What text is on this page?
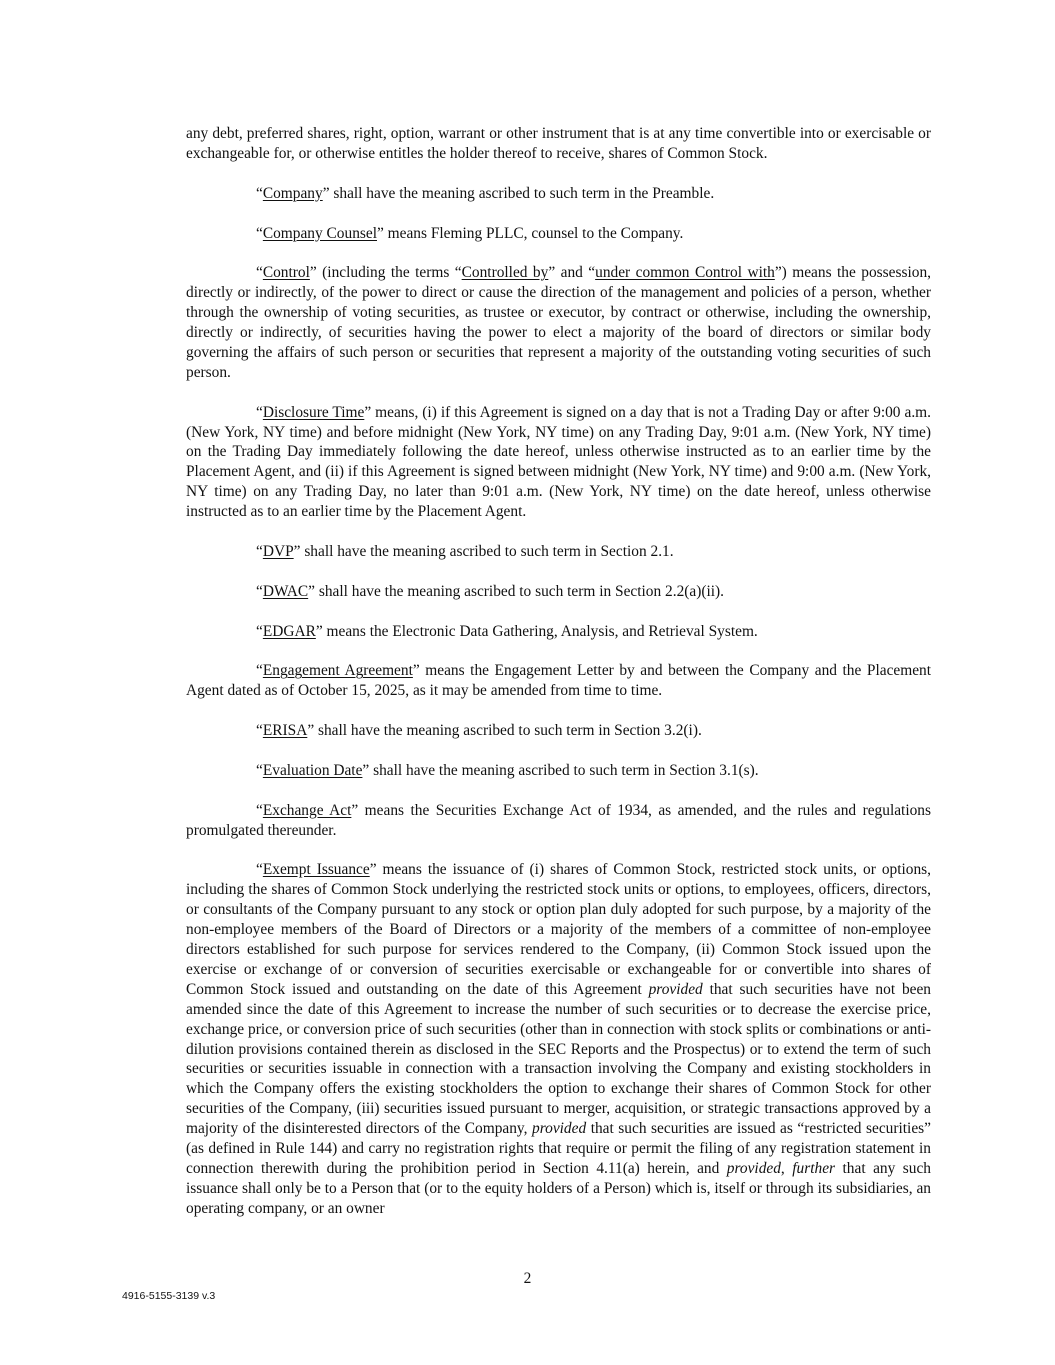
any debt, preferred shares, right, option, warrant or other instrument that is at any time convertible into or exercisable or exchangeable for, or otherwise entitles the holder thereof to receive, shares of Common Stock.

“Company” shall have the meaning ascribed to such term in the Preamble.

“Company Counsel” means Fleming PLLC, counsel to the Company.

“Control” (including the terms “Controlled by” and “under common Control with”) means the possession, directly or indirectly, of the power to direct or cause the direction of the management and policies of a person, whether through the ownership of voting securities, as trustee or executor, by contract or otherwise, including the ownership, directly or indirectly, of securities having the power to elect a majority of the board of directors or similar body governing the affairs of such person or securities that represent a majority of the outstanding voting securities of such person.

“Disclosure Time” means, (i) if this Agreement is signed on a day that is not a Trading Day or after 9:00 a.m. (New York, NY time) and before midnight (New York, NY time) on any Trading Day, 9:01 a.m. (New York, NY time) on the Trading Day immediately following the date hereof, unless otherwise instructed as to an earlier time by the Placement Agent, and (ii) if this Agreement is signed between midnight (New York, NY time) and 9:00 a.m. (New York, NY time) on any Trading Day, no later than 9:01 a.m. (New York, NY time) on the date hereof, unless otherwise instructed as to an earlier time by the Placement Agent.

“DVP” shall have the meaning ascribed to such term in Section 2.1.

“DWAC” shall have the meaning ascribed to such term in Section 2.2(a)(ii).

“EDGAR” means the Electronic Data Gathering, Analysis, and Retrieval System.

“Engagement Agreement” means the Engagement Letter by and between the Company and the Placement Agent dated as of October 15, 2025, as it may be amended from time to time.

“ERISA” shall have the meaning ascribed to such term in Section 3.2(i).

“Evaluation Date” shall have the meaning ascribed to such term in Section 3.1(s).

“Exchange Act” means the Securities Exchange Act of 1934, as amended, and the rules and regulations promulgated thereunder.

“Exempt Issuance” means the issuance of (i) shares of Common Stock, restricted stock units, or options, including the shares of Common Stock underlying the restricted stock units or options, to employees, officers, directors, or consultants of the Company pursuant to any stock or option plan duly adopted for such purpose, by a majority of the non-employee members of the Board of Directors or a majority of the members of a committee of non-employee directors established for such purpose for services rendered to the Company, (ii) Common Stock issued upon the exercise or exchange of or conversion of securities exercisable or exchangeable for or convertible into shares of Common Stock issued and outstanding on the date of this Agreement provided that such securities have not been amended since the date of this Agreement to increase the number of such securities or to decrease the exercise price, exchange price, or conversion price of such securities (other than in connection with stock splits or combinations or anti-dilution provisions contained therein as disclosed in the SEC Reports and the Prospectus) or to extend the term of such securities or securities issuable in connection with a transaction involving the Company and existing stockholders in which the Company offers the existing stockholders the option to exchange their shares of Common Stock for other securities of the Company, (iii) securities issued pursuant to merger, acquisition, or strategic transactions approved by a majority of the disinterested directors of the Company, provided that such securities are issued as “restricted securities” (as defined in Rule 144) and carry no registration rights that require or permit the filing of any registration statement in connection therewith during the prohibition period in Section 4.11(a) herein, and provided, further that any such issuance shall only be to a Person that (or to the equity holders of a Person) which is, itself or through its subsidiaries, an operating company, or an owner

2
4916-5155-3139 v.3
